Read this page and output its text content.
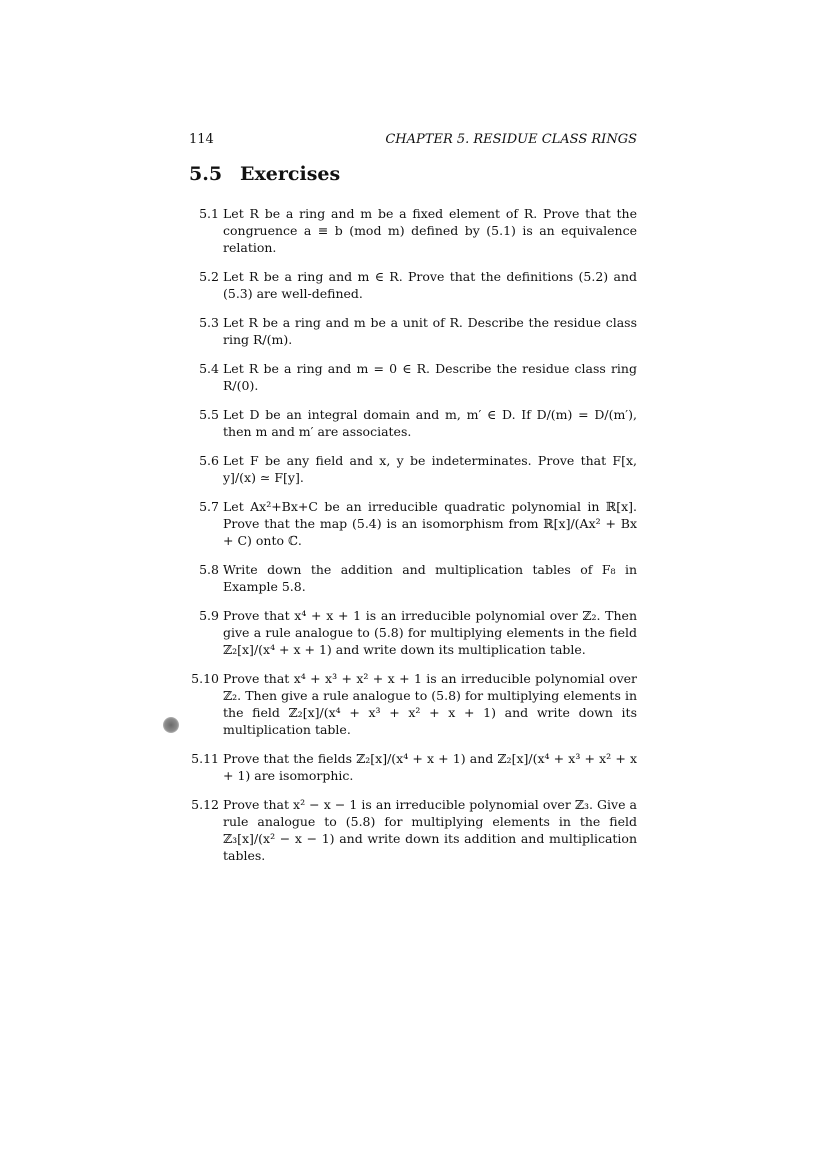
114	CHAPTER 5. RESIDUE CLASS RINGS
5.5 Exercises
5.1 Let R be a ring and m be a fixed element of R. Prove that the congruence a ≡ b (mod m) defined by (5.1) is an equivalence relation.
5.2 Let R be a ring and m ∈ R. Prove that the definitions (5.2) and (5.3) are well-defined.
5.3 Let R be a ring and m be a unit of R. Describe the residue class ring R/(m).
5.4 Let R be a ring and m = 0 ∈ R. Describe the residue class ring R/(0).
5.5 Let D be an integral domain and m, m′ ∈ D. If D/(m) = D/(m′), then m and m′ are associates.
5.6 Let F be any field and x, y be indeterminates. Prove that F[x, y]/(x) ≃ F[y].
5.7 Let Ax²+Bx+C be an irreducible quadratic polynomial in ℝ[x]. Prove that the map (5.4) is an isomorphism from ℝ[x]/(Ax² + Bx + C) onto ℂ.
5.8 Write down the addition and multiplication tables of F₈ in Example 5.8.
5.9 Prove that x⁴ + x + 1 is an irreducible polynomial over ℤ₂. Then give a rule analogue to (5.8) for multiplying elements in the field ℤ₂[x]/(x⁴ + x + 1) and write down its multiplication table.
5.10 Prove that x⁴ + x³ + x² + x + 1 is an irreducible polynomial over ℤ₂. Then give a rule analogue to (5.8) for multiplying elements in the field ℤ₂[x]/(x⁴ + x³ + x² + x + 1) and write down its multiplication table.
5.11 Prove that the fields ℤ₂[x]/(x⁴ + x + 1) and ℤ₂[x]/(x⁴ + x³ + x² + x + 1) are isomorphic.
5.12 Prove that x² − x − 1 is an irreducible polynomial over ℤ₃. Give a rule analogue to (5.8) for multiplying elements in the field ℤ₃[x]/(x² − x − 1) and write down its addition and multiplication tables.
